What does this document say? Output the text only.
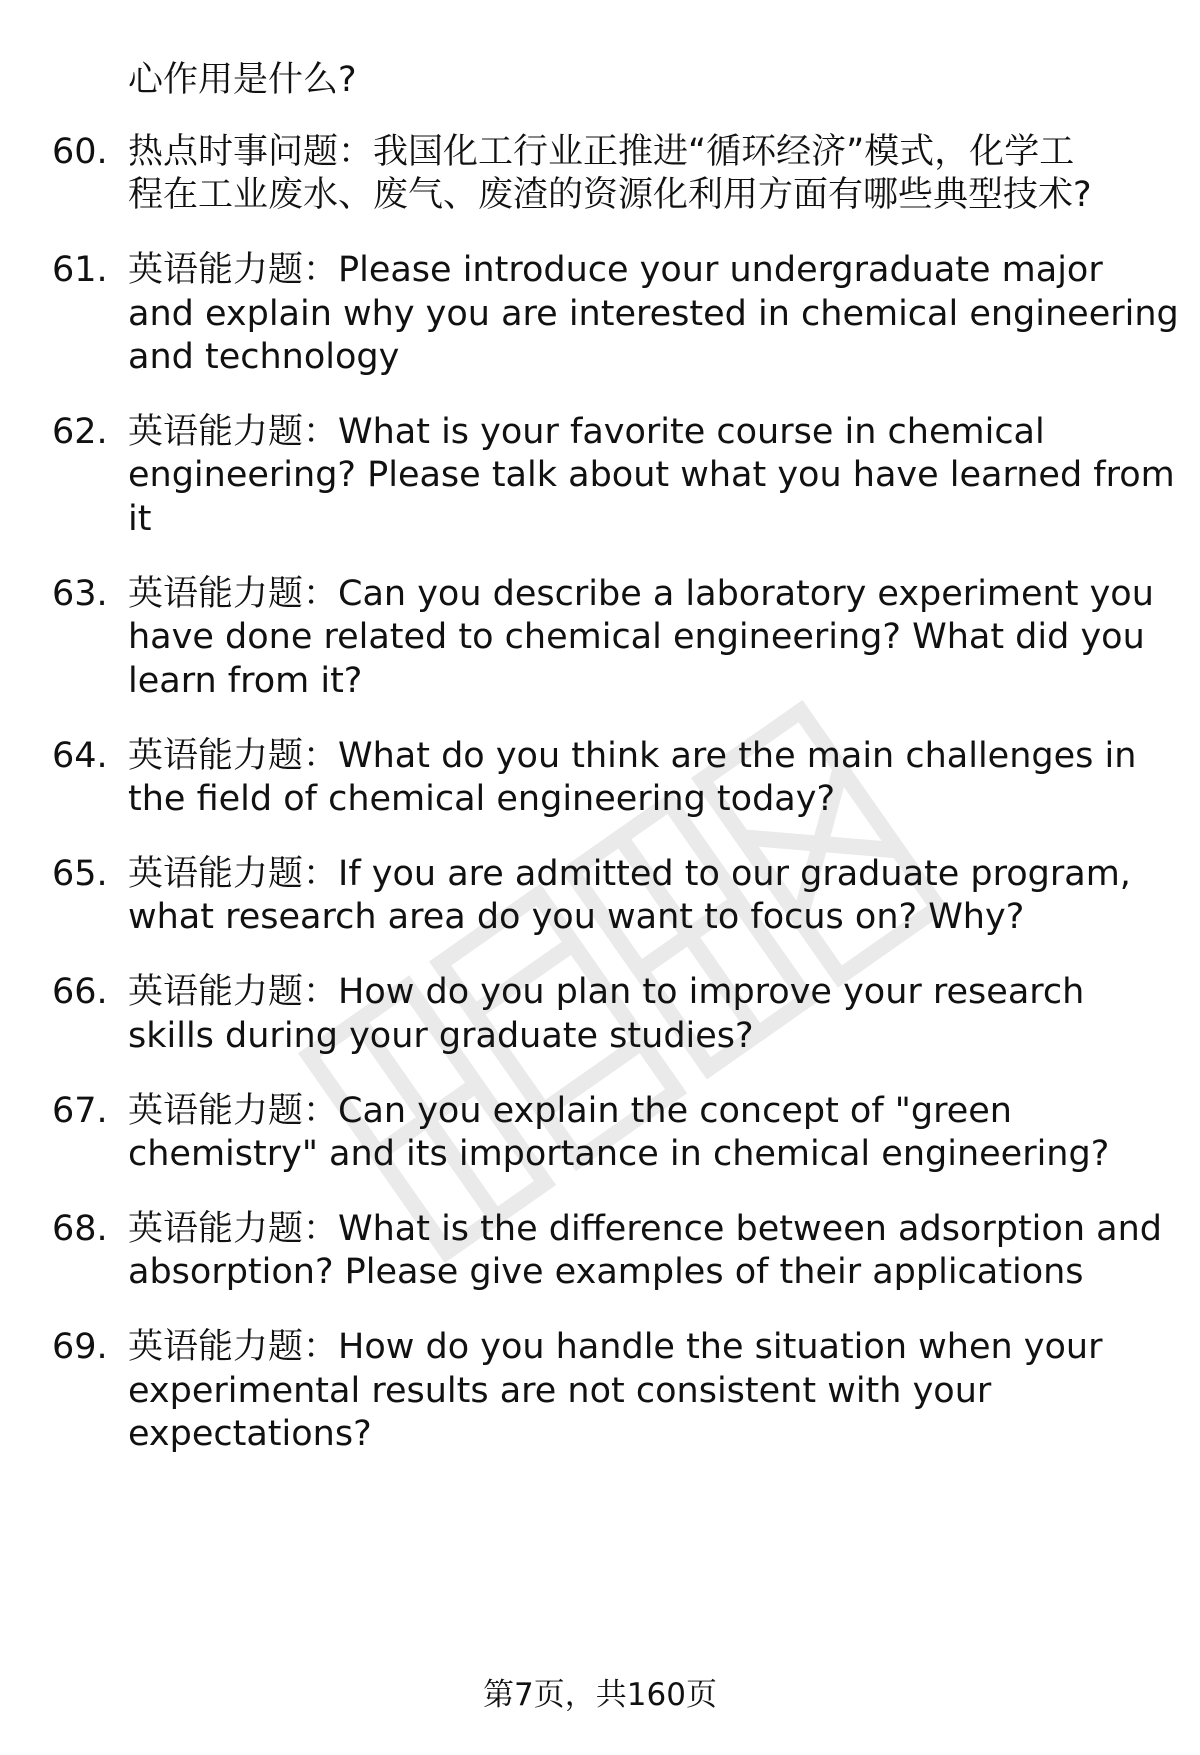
心作用是什么?
60. 热点时事问题：我国化工行业正推进“循环经济”模式，化学工
程在工业废水、废气、废渣的资源化利用方面有哪些典型技术?
61. 英语能力题：Please introduce your undergraduate major
and explain why you are interested in chemical engineering
and technology
62. 英语能力题：What is your favorite course in chemical
engineering? Please talk about what you have learned from
it
63. 英语能力题：Can you describe a laboratory experiment you
have done related to chemical engineering? What did you
learn from it?
64. 英语能力题：What do you think are the main challenges in
the field of chemical engineering today?
65. 英语能力题：If you are admitted to our graduate program,
what research area do you want to focus on? Why?
66. 英语能力题：How do you plan to improve your research
skills during your graduate studies?
67. 英语能力题：Can you explain the concept of "green
chemistry" and its importance in chemical engineering?
68. 英语能力题：What is the difference between adsorption and
absorption? Please give examples of their applications
69. 英语能力题：How do you handle the situation when your
experimental results are not consistent with your
expectations?
第7页，共160页
